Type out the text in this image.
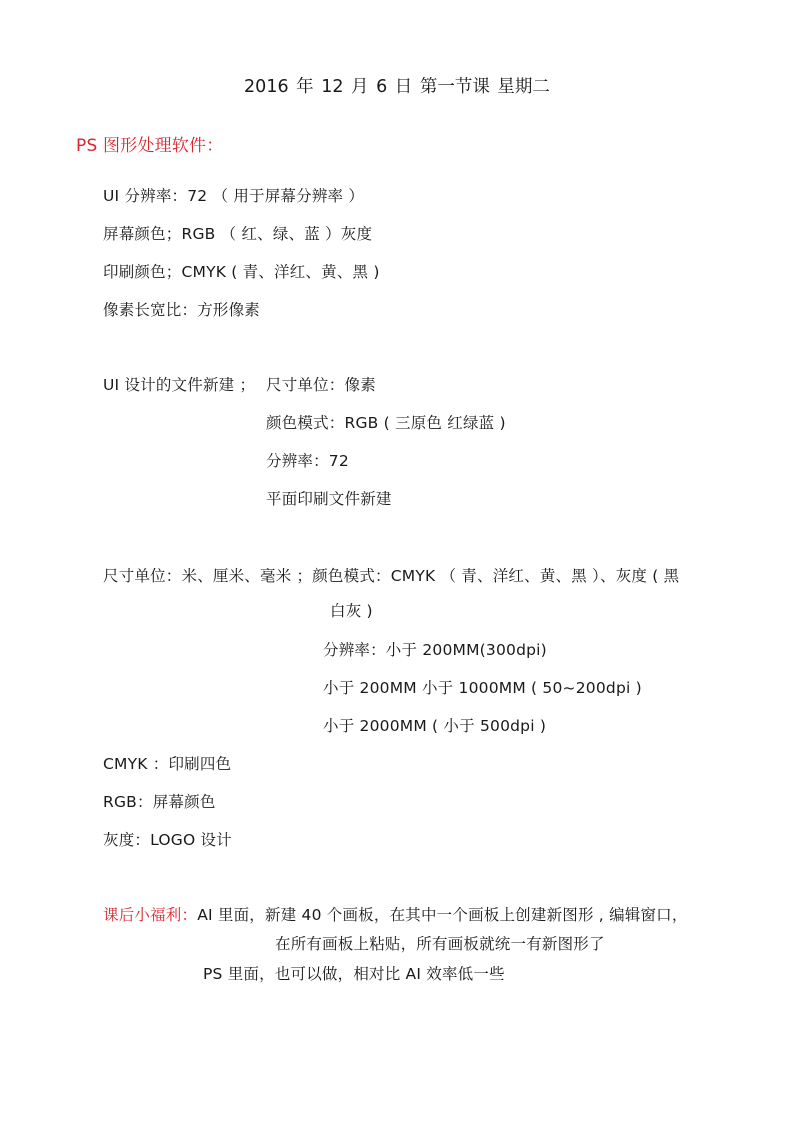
2016 年 12 月 6 日 第一节课 星期二
PS 图形处理软件：
UI 分辨率：72 （ 用于屏幕分辨率 ）
屏幕颜色；RGB （ 红、绿、蓝 ）灰度
印刷颜色；CMYK ( 青、洋红、黄、黑 )
像素长宽比：方形像素
UI 设计的文件新建 ； 尺寸单位：像素
颜色模式：RGB ( 三原色 红绿蓝 )
分辨率：72
平面印刷文件新建
尺寸单位：米、厘米、毫米 ；颜色模式：CMYK （ 青、洋红、黄、黑 ）、灰度 ( 黑
白灰 )
分辨率：小于 200MM(300dpi)
小于 200MM 小于 1000MM ( 50~200dpi )
小于 2000MM ( 小于 500dpi )
CMYK ：印刷四色
RGB：屏幕颜色
灰度：LOGO 设计
课后小福利：AI 里面，新建 40 个画板，在其中一个画板上创建新图形 , 编辑窗口，
在所有画板上粘贴，所有画板就统一有新图形了
PS 里面，也可以做，相对比 AI 效率低一些
